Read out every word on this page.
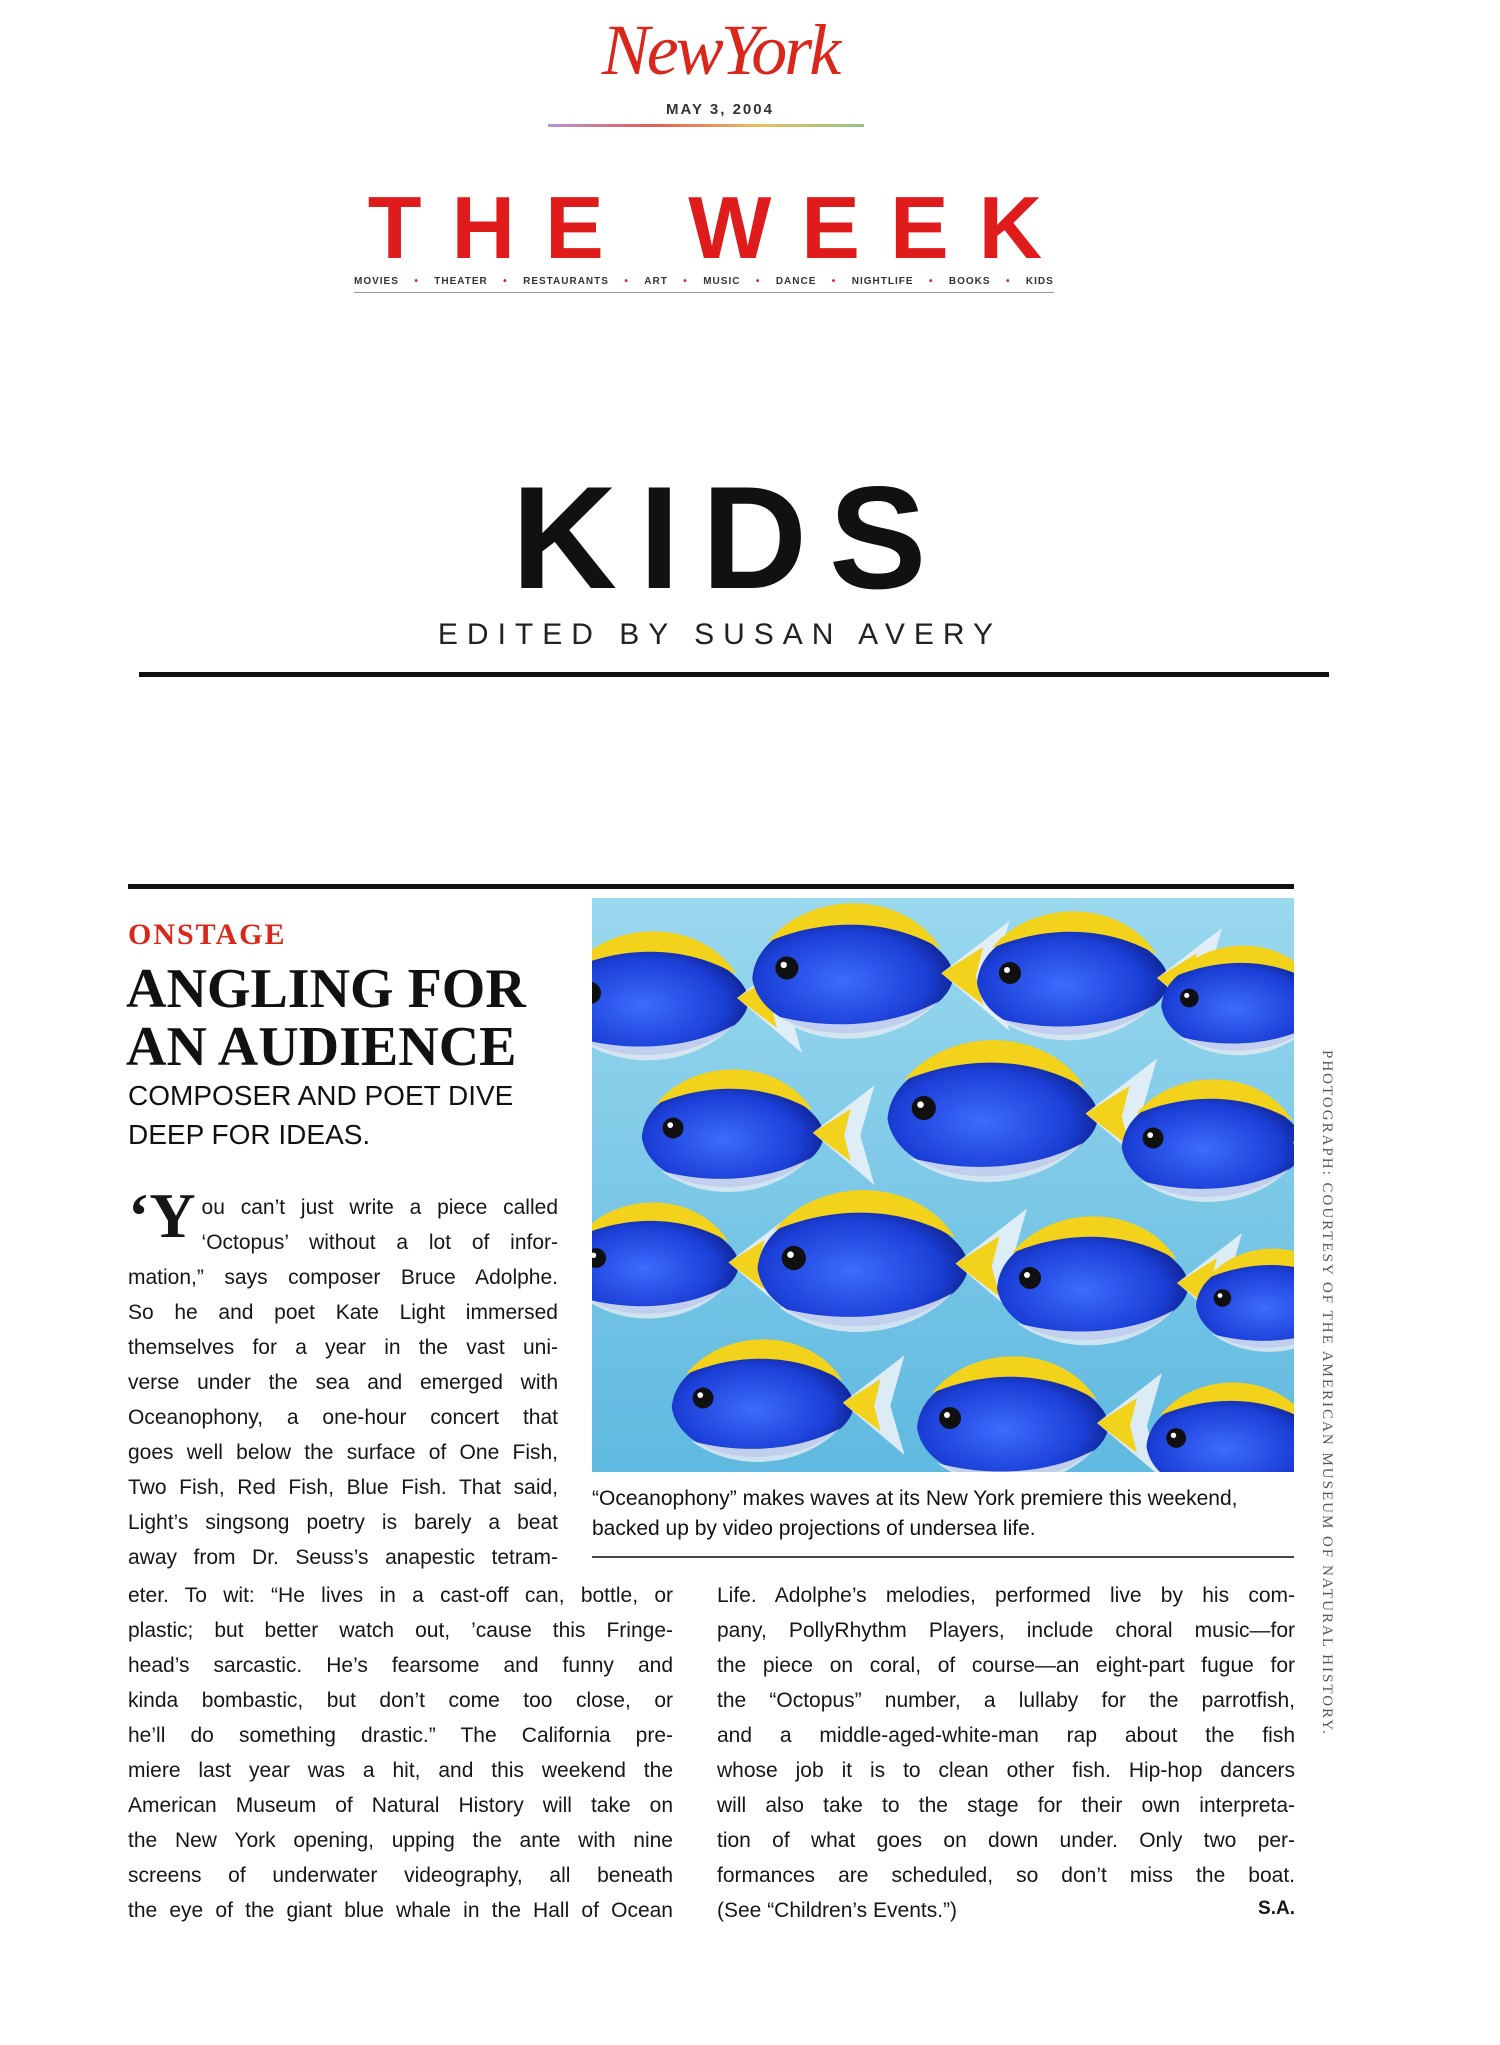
NewYork
MAY 3, 2004
THE WEEK
MOVIES • THEATER • RESTAURANTS • ART • MUSIC • DANCE • NIGHTLIFE • BOOKS • KIDS
KIDS
EDITED BY SUSAN AVERY
ONSTAGE
ANGLING FOR
AN AUDIENCE
COMPOSER AND POET DIVE DEEP FOR IDEAS.
‘Y ou can’t just write a piece called
‘Octopus’ without a lot of infor-
mation,” says composer Bruce Adolphe.
So he and poet Kate Light immersed
themselves for a year in the vast uni-
verse under the sea and emerged with
Oceanophony, a one-hour concert that
goes well below the surface of One Fish,
Two Fish, Red Fish, Blue Fish. That said,
Light’s singsong poetry is barely a beat
away from Dr. Seuss’s anapestic tetram-
eter. To wit: “He lives in a cast-off can, bottle, or
plastic; but better watch out, ’cause this Fringe-
head’s sarcastic. He’s fearsome and funny and
kinda bombastic, but don’t come too close, or
he’ll do something drastic.” The California pre-
miere last year was a hit, and this weekend the
American Museum of Natural History will take on
the New York opening, upping the ante with nine
screens of underwater videography, all beneath
the eye of the giant blue whale in the Hall of Ocean
Life. Adolphe’s melodies, performed live by his com-
pany, PollyRhythm Players, include choral music—for
the piece on coral, of course—an eight-part fugue for
the “Octopus” number, a lullaby for the parrotfish,
and a middle-aged-white-man rap about the fish
whose job it is to clean other fish. Hip-hop dancers
will also take to the stage for their own interpreta-
tion of what goes on down under. Only two per-
formances are scheduled, so don’t miss the boat.
(See “Children’s Events.”)	S.A.
“Oceanophony” makes waves at its New York premiere this weekend, backed up by video projections of undersea life.	PHOTOGRAPH: COURTESY OF THE AMERICAN MUSEUM OF NATURAL HISTORY.
